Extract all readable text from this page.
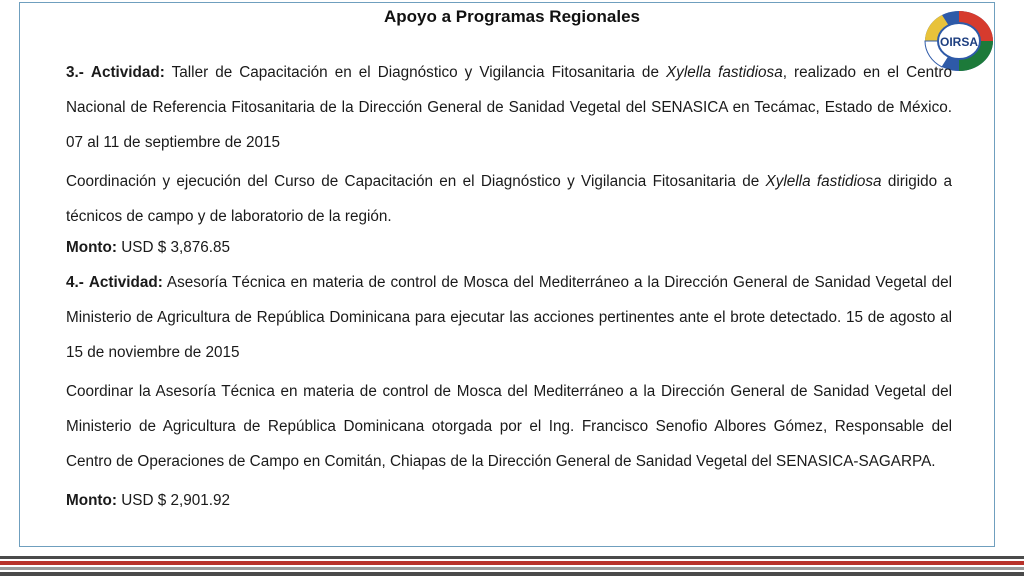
Apoyo a Programas Regionales
OIRSA

3.- Actividad: Taller de Capacitación en el Diagnóstico y Vigilancia Fitosanitaria de Xylella fastidiosa, realizado en el Centro Nacional de Referencia Fitosanitaria de la Dirección General de Sanidad Vegetal del SENASICA en Tecámac, Estado de México. 07 al 11 de septiembre de 2015

Coordinación y ejecución del Curso de Capacitación en el Diagnóstico y Vigilancia Fitosanitaria de Xylella fastidiosa dirigido a técnicos de campo y de laboratorio de la región.

Monto: USD $ 3,876.85

4.- Actividad: Asesoría Técnica en materia de control de Mosca del Mediterráneo a la Dirección General de Sanidad Vegetal del Ministerio de Agricultura de República Dominicana para ejecutar las acciones pertinentes ante el brote detectado. 15 de agosto al 15 de noviembre de 2015

Coordinar la Asesoría Técnica en materia de control de Mosca del Mediterráneo a la Dirección General de Sanidad Vegetal del Ministerio de Agricultura de República Dominicana otorgada por el Ing. Francisco Senofio Albores Gómez, Responsable del Centro de Operaciones de Campo en Comitán, Chiapas de la Dirección General de Sanidad Vegetal del SENASICA-SAGARPA.

Monto: USD $ 2,901.92
